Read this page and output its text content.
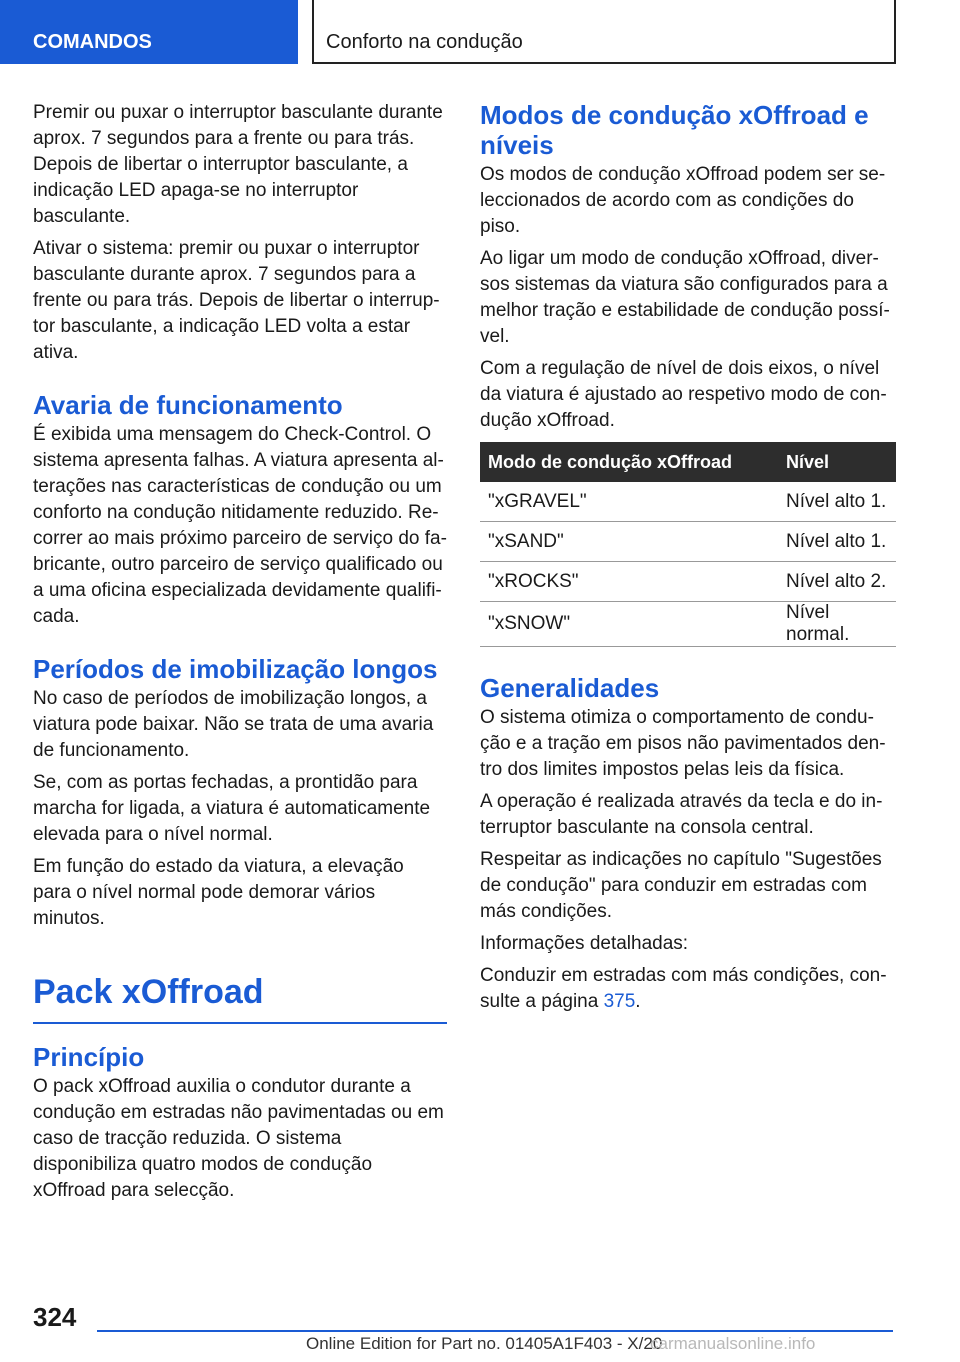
COMANDOS	Conforto na condução

Premir ou puxar o interruptor basculante durante aprox. 7 segundos para a frente ou para trás. Depois de libertar o interruptor basculante, a indicação LED apaga-se no interruptor basculante.

Ativar o sistema: premir ou puxar o interruptor basculante durante aprox. 7 segundos para a frente ou para trás. Depois de libertar o interruptor basculante, a indicação LED volta a estar ativa.

Avaria de funcionamento

É exibida uma mensagem do Check-Control. O sistema apresenta falhas. A viatura apresenta alterações nas características de condução ou um conforto na condução nitidamente reduzido. Recorrer ao mais próximo parceiro de serviço do fabricante, outro parceiro de serviço qualificado ou a uma oficina especializada devidamente qualificada.

Períodos de imobilização longos

No caso de períodos de imobilização longos, a viatura pode baixar. Não se trata de uma avaria de funcionamento.

Se, com as portas fechadas, a prontidão para marcha for ligada, a viatura é automaticamente elevada para o nível normal.

Em função do estado da viatura, a elevação para o nível normal pode demorar vários minutos.

Pack xOffroad
Princípio

O pack xOffroad auxilia o condutor durante a condução em estradas não pavimentadas ou em caso de tracção reduzida. O sistema disponibiliza quatro modos de condução xOffroad para selecção.

Modos de condução xOffroad e níveis

Os modos de condução xOffroad podem ser seleccionados de acordo com as condições do piso.

Ao ligar um modo de condução xOffroad, diversos sistemas da viatura são configurados para a melhor tração e estabilidade de condução possível.

Com a regulação de nível de dois eixos, o nível da viatura é ajustado ao respetivo modo de condução xOffroad.

Modo de condução xOffroad	Nível
"xGRAVEL"	Nível alto 1.
"xSAND"	Nível alto 1.
"xROCKS"	Nível alto 2.
"xSNOW"	Nível normal.
Generalidades

O sistema otimiza o comportamento de condução e a tração em pisos não pavimentados dentro dos limites impostos pelas leis da física.

A operação é realizada através da tecla e do interruptor basculante na consola central.

Respeitar as indicações no capítulo "Sugestões de condução" para conduzir em estradas com más condições.

Informações detalhadas:

Conduzir em estradas com más condições, consulte a página 375.

324
Online Edition for Part no. 01405A1F403 - X/20
carmanualsonline.info
